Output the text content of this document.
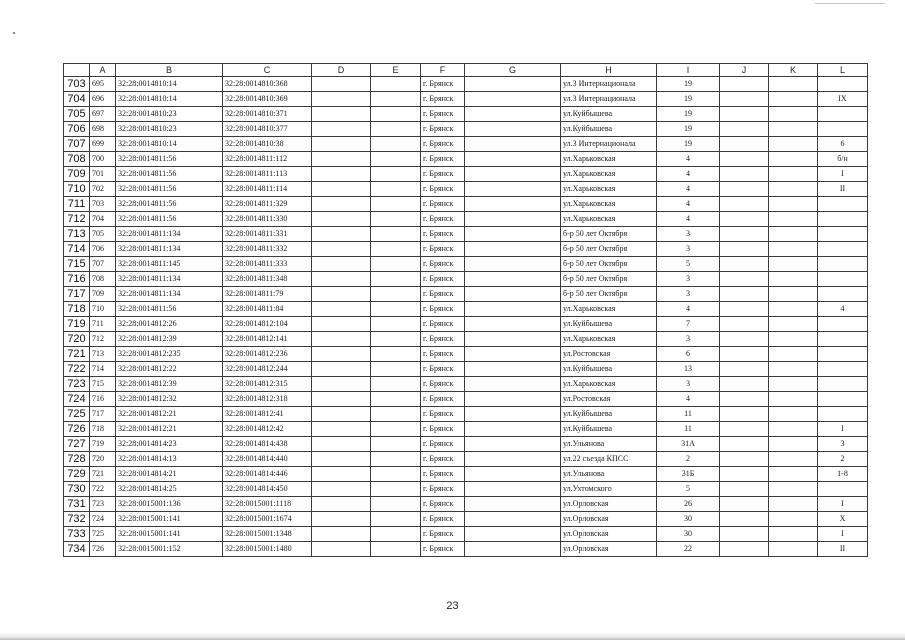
	A	B	C	D	E	F	G	H	I	J	K	L
703	695	32:28:0014810:14	32:28:0014810:368			г. Брянск		ул.3 Интернационала	19			
704	696	32:28:0014810:14	32:28:0014810:369			г. Брянск		ул.3 Интернационала	19			IX
705	697	32:28:0014810:23	32:28:0014810:371			г. Брянск		ул.Куйбышева	19			
706	698	32:28:0014810:23	32:28:0014810:377			г. Брянск		ул.Куйбышева	19			
707	699	32:28:0014810:14	32:28:0014810:38			г. Брянск		ул.3 Интернационала	19			6
708	700	32:28:0014811:56	32:28:0014811:112			г. Брянск		ул.Харьковская	4			б/н
709	701	32:28:0014811:56	32:28:0014811:113			г. Брянск		ул.Харьковская	4			I
710	702	32:28:0014811:56	32:28:0014811:114			г. Брянск		ул.Харьковская	4			II
711	703	32:28:0014811:56	32:28:0014811:329			г. Брянск		ул.Харьковская	4			
712	704	32:28:0014811:56	32:28:0014811:330			г. Брянск		ул.Харьковская	4			
713	705	32:28:0014811:134	32:28:0014811:331			г. Брянск		б-р 50 лет Октября	3			
714	706	32:28:0014811:134	32:28:0014811:332			г. Брянск		б-р 50 лет Октября	3			
715	707	32:28:0014811:145	32:28:0014811:333			г. Брянск		б-р 50 лет Октября	5			
716	708	32:28:0014811:134	32:28:0014811:348			г. Брянск		б-р 50 лет Октября	3			
717	709	32:28:0014811:134	32:28:0014811:79			г. Брянск		б-р 50 лет Октября	3			
718	710	32:28:0014811:56	32:28:0014811:84			г. Брянск		ул.Харьковская	4			4
719	711	32:28:0014812:26	32:28:0014812:104			г. Брянск		ул.Куйбышева	7			
720	712	32:28:0014812:39	32:28:0014812:141			г. Брянск		ул.Харьковская	3			
721	713	32:28:0014812:235	32:28:0014812:236			г. Брянск		ул.Ростовская	6			
722	714	32:28:0014812:22	32:28:0014812:244			г. Брянск		ул.Куйбышева	13			
723	715	32:28:0014812:39	32:28:0014812:315			г. Брянск		ул.Харьковская	3			
724	716	32:28:0014812:32	32:28:0014812:318			г. Брянск		ул.Ростовская	4			
725	717	32:28:0014812:21	32:28:0014812:41			г. Брянск		ул.Куйбышева	11			
726	718	32:28:0014812:21	32:28:0014812:42			г. Брянск		ул.Куйбышева	11			I
727	719	32:28:0014814:23	32:28:0014814:438			г. Брянск		ул.Ульянова	31А			3
728	720	32:28:0014814:13	32:28:0014814:440			г. Брянск		ул.22 съезда КПСС	2			2
729	721	32:28:0014814:21	32:28:0014814:446			г. Брянск		ул.Ульянова	31Б			1-8
730	722	32:28:0014814:25	32:28:0014814:450			г. Брянск		ул.Ухтомского	5			
731	723	32:28:0015001:136	32:28:0015001:1118			г. Брянск		ул.Орловская	26			I
732	724	32:28:0015001:141	32:28:0015001:1674			г. Брянск		ул.Орловская	30			X
733	725	32:28:0015001:141	32:28:0015001:1348			г. Брянск		ул.Орловская	30			I
734	726	32:28:0015001:152	32:28:0015001:1480			г. Брянск		ул.Орловская	22			II
23
